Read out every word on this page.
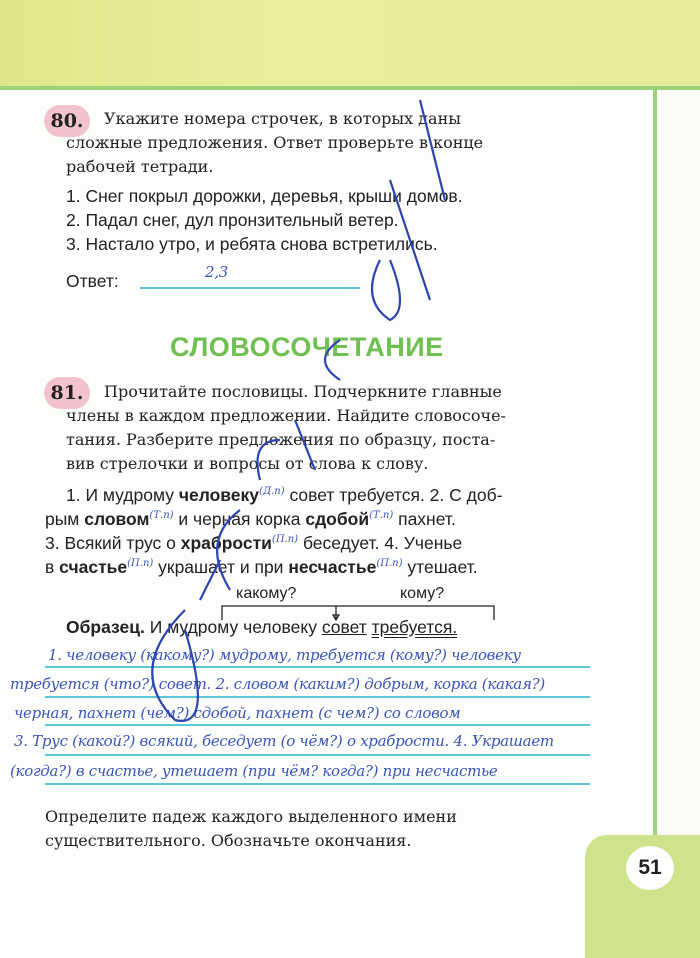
80.	Укажите номера строчек, в которых даны
сложные предложения. Ответ проверьте в конце
рабочей тетради.
1. Снег покрыл дорожки, деревья, крыши домов.
2. Падал снег, дул пронзительный ветер.
3. Настало утро, и ребята снова встретились.
Ответ:	2,3
СЛОВОСОЧЕТАНИЕ
81.	Прочитайте пословицы. Подчеркните главные
члены в каждом предложении. Найдите словосоче-
тания. Разберите предложения по образцу, поста-
вив стрелочки и вопросы от слова к слову.
1. И мудрому человеку$^{(Д.п)}$ совет требуется. 2. С доб-
рым словом$^{(Т.п)}$ и черная корка сдобой$^{(Т.п)}$ пахнет.
3. Всякий трус о храбрости$^{(П.п)}$ беседует. 4. Ученье
в счастье$^{(П.п)}$ украшает и при несчастье$^{(П.п)}$ утешает.
какому?	кому?
Образец. И мудрому человеку совет требуется.
1. человеку (какому?) мудрому, требуется (кому?) человеку
требуется (что?) совет. 2. словом (каким?) добрым, корка (какая?)
черная, пахнет (чем?) сдобой, пахнет (с чем?) со словом
3. Трус (какой?) всякий, беседует (о чём?) о храбрости. 4. Украшает
(когда?) в счастье, утешает (при чём? когда?) при несчастье
Определите падеж каждого выделенного имени
существительного. Обозначьте окончания.
51
